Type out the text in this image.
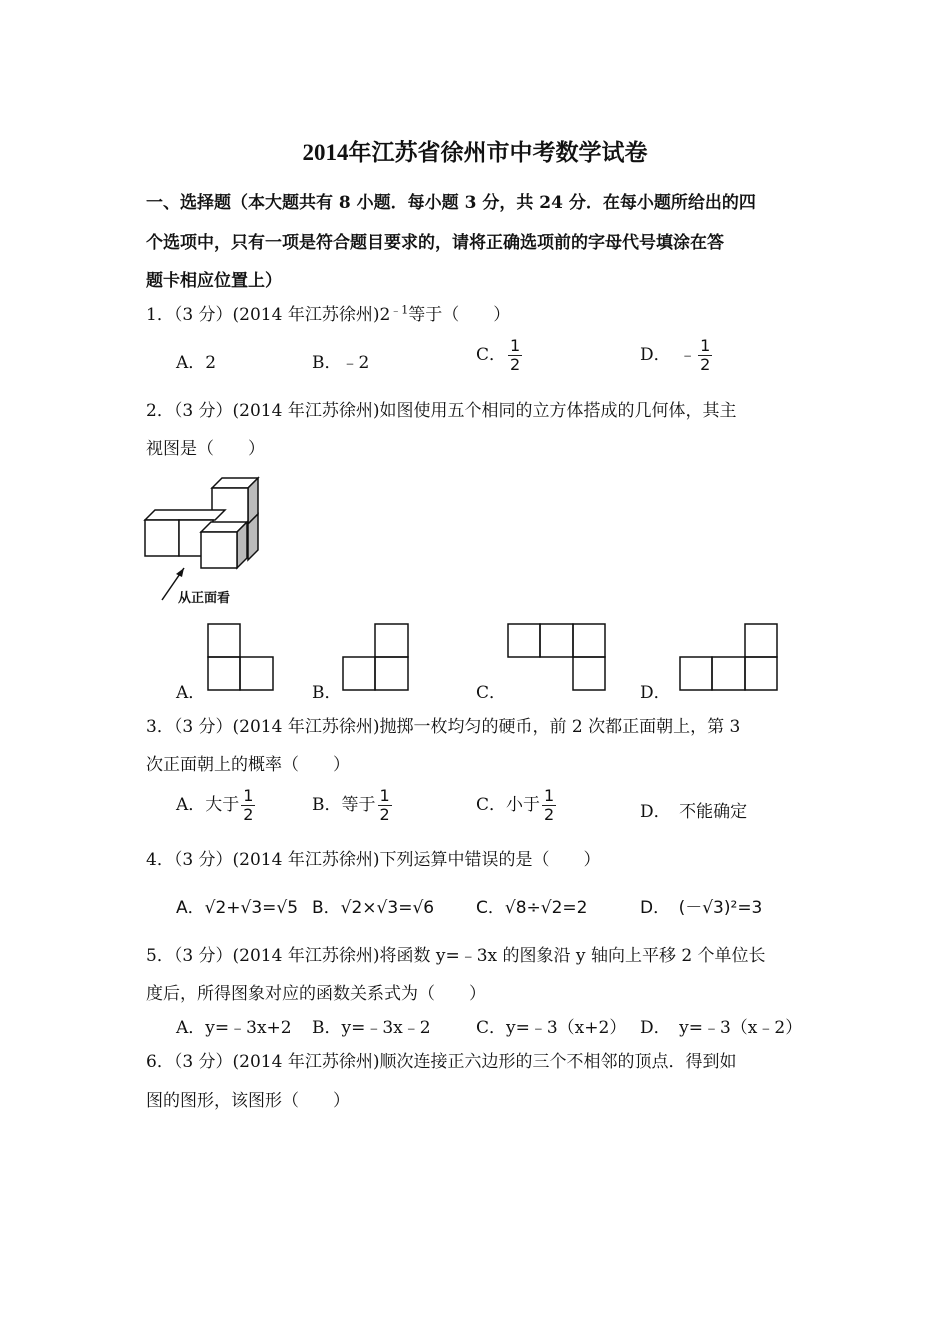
2014年江苏省徐州市中考数学试卷
一、选择题（本大题共有 8 小题．每小题 3 分，共 24 分．在每小题所给出的四
个选项中，只有一项是符合题目要求的，请将正确选项前的字母代号填涂在答
题卡相应位置上）
1．（3 分）(2014 年江苏徐州)$2^{﹣1}$等于（　　）
A．2	B．﹣2	C． $\frac{1}{2}$	D．　﹣ $\frac{1}{2}$
2．（3 分）(2014 年江苏徐州)如图使用五个相同的立方体搭成的几何体，其主
视图是（　　）
从正面看
A．	B．	C．	D．
3．（3 分）(2014 年江苏徐州)抛掷一枚均匀的硬币，前 2 次都正面朝上，第 3
次正面朝上的概率（　　）
A．大于 $\frac{1}{2}$	B．等于 $\frac{1}{2}$	C．小于 $\frac{1}{2}$	D．　不能确定
4．（3 分）(2014 年江苏徐州)下列运算中错误的是（　　）
A．√2+√3=√5 B．√2×√3=√6 C．√8÷√2=2	D．　(－√3)²=3
5．（3 分）(2014 年江苏徐州)将函数 y=﹣3x 的图象沿 y 轴向上平移 2 个单位长
度后，所得图象对应的函数关系式为（　　）
A．y=﹣3x+2 B．y=﹣3x﹣2	C．y=﹣3（x+2） D．　y=﹣3（x﹣2）
6．（3 分）(2014 年江苏徐州)顺次连接正六边形的三个不相邻的顶点．得到如
图的图形，该图形（　　）
